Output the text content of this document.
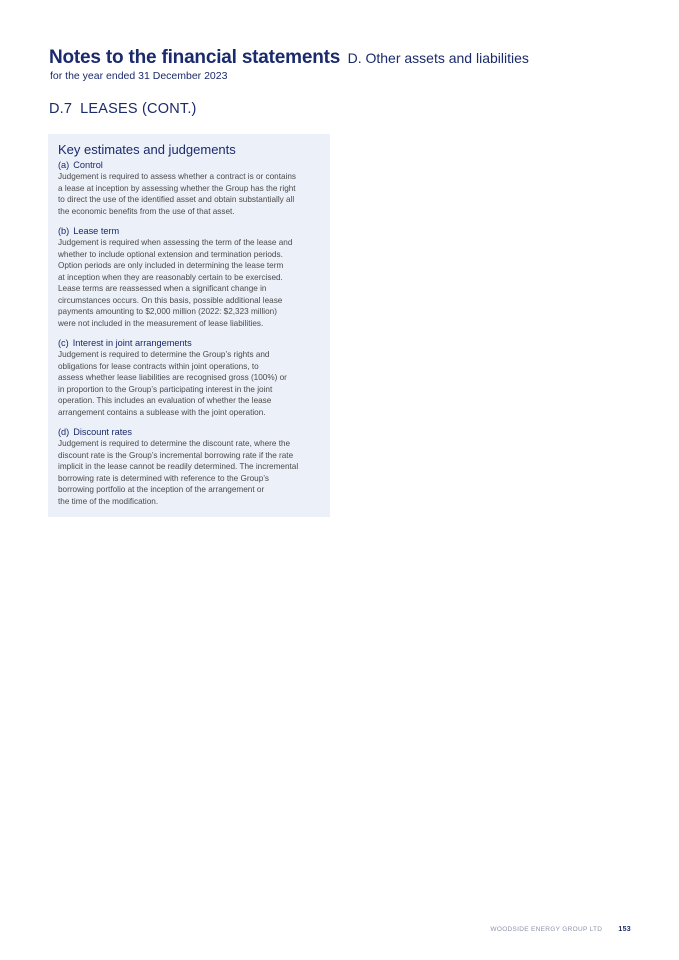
Notes to the financial statements D. Other assets and liabilities
for the year ended 31 December 2023
D.7 LEASES (CONT.)
Key estimates and judgements
(a) Control
Judgement is required to assess whether a contract is or contains
a lease at inception by assessing whether the Group has the right
to direct the use of the identified asset and obtain substantially all
the economic benefits from the use of that asset.
(b) Lease term
Judgement is required when assessing the term of the lease and
whether to include optional extension and termination periods.
Option periods are only included in determining the lease term
at inception when they are reasonably certain to be exercised.
Lease terms are reassessed when a significant change in
circumstances occurs. On this basis, possible additional lease
payments amounting to $2,000 million (2022: $2,323 million)
were not included in the measurement of lease liabilities.
(c) Interest in joint arrangements
Judgement is required to determine the Group’s rights and
obligations for lease contracts within joint operations, to
assess whether lease liabilities are recognised gross (100%) or
in proportion to the Group’s participating interest in the joint
operation. This includes an evaluation of whether the lease
arrangement contains a sublease with the joint operation.
(d) Discount rates
Judgement is required to determine the discount rate, where the
discount rate is the Group’s incremental borrowing rate if the rate
implicit in the lease cannot be readily determined. The incremental
borrowing rate is determined with reference to the Group’s
borrowing portfolio at the inception of the arrangement or
the time of the modification.
WOODSIDE ENERGY GROUP LTD 153
